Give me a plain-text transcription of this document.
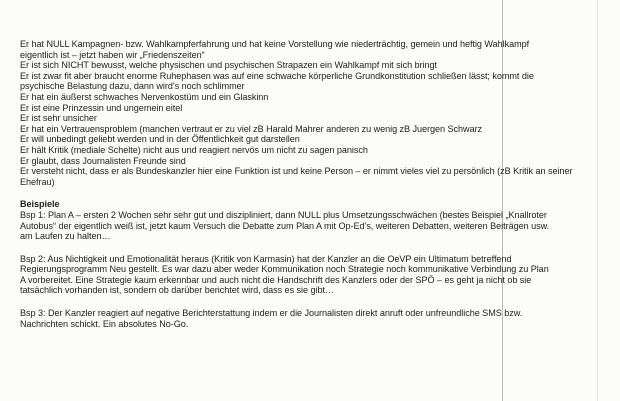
Er hat NULL Kampagnen- bzw. Wahlkampferfahrung und hat keine Vorstellung wie niederträchtig, gemein und heftig Wahlkampf
eigentlich ist – jetzt haben wir „Friedenszeiten“
Er ist sich NICHT bewusst, welche physischen und psychischen Strapazen ein Wahlkampf mit sich bringt
Er ist zwar fit aber braucht enorme Ruhephasen was auf eine schwache körperliche Grundkonstitution schließen lässt; kommt die
psychische Belastung dazu, dann wird’s noch schlimmer
Er hat ein äußerst schwaches Nervenkostüm und ein Glaskinn
Er ist eine Prinzessin und ungemein eitel
Er ist sehr unsicher
Er hat ein Vertrauensproblem (manchen vertraut er zu viel zB Harald Mahrer anderen zu wenig zB Juergen Schwarz
Er will unbedingt geliebt werden und in der Öffentlichkeit gut darstellen
Er hält Kritik (mediale Schelte) nicht aus und reagiert nervös um nicht zu sagen panisch
Er glaubt, dass Journalisten Freunde sind
Er versteht nicht, dass er als Bundeskanzler hier eine Funktion ist und keine Person – er nimmt vieles viel zu persönlich (zB Kritik an seiner
Ehefrau)
Beispiele
Bsp 1: Plan A – ersten 2 Wochen sehr sehr gut und diszipliniert, dann NULL plus Umsetzungsschwächen (bestes Beispiel „Knallroter
Autobus“ der eigentlich weiß ist, jetzt kaum Versuch die Debatte zum Plan A mit Op-Ed’s, weiteren Debatten, weiteren Beiträgen usw.
am Laufen zu halten…
Bsp 2: Aus Nichtigkeit und Emotionalität heraus (Kritik von Karmasin) hat der Kanzler an die OeVP ein Ultimatum betreffend
Regierungsprogramm Neu gestellt. Es war dazu aber weder Kommunikation noch Strategie noch kommunikative Verbindung zu Plan
A vorbereitet. Eine Strategie kaum erkennbar und auch nicht die Handschrift des Kanzlers oder der SPÖ – es geht ja nicht ob sie
tatsächlich vorhanden ist, sondern ob darüber berichtet wird, dass es sie gibt…
Bsp 3: Der Kanzler reagiert auf negative Berichterstattung indem er die Journalisten direkt anruft oder unfreundliche SMS bzw.
Nachrichten schickt. Ein absolutes No-Go.
